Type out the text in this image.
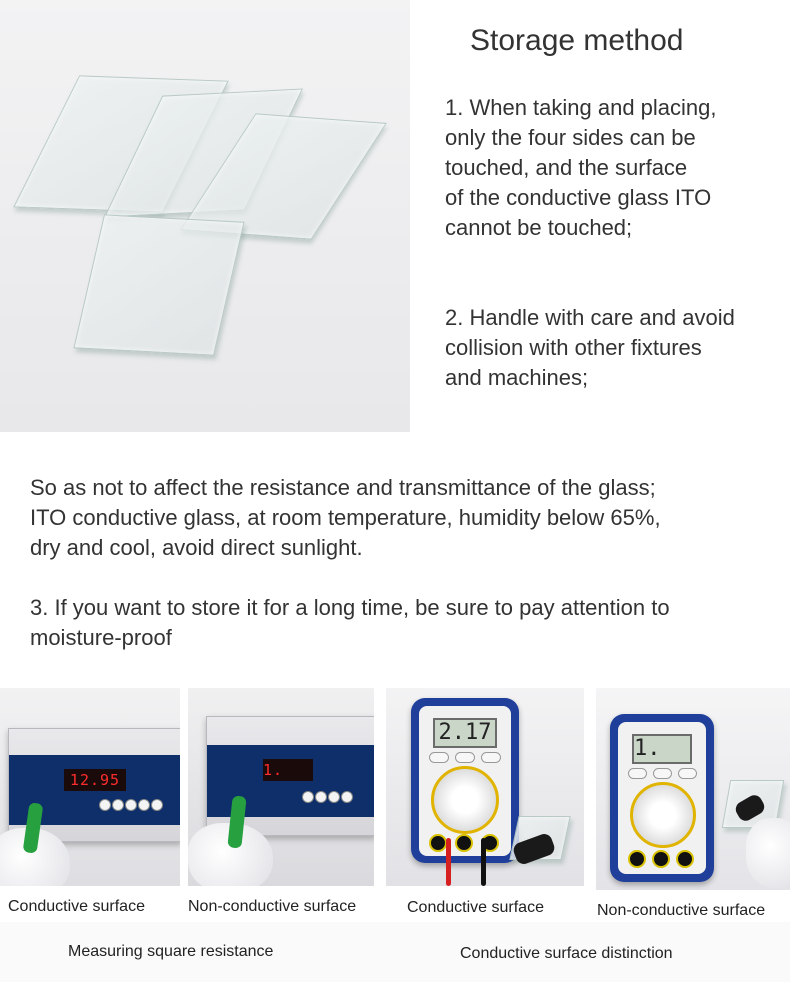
Storage method
1. When taking and placing,
only the four sides can be
touched, and the surface
of the conductive glass ITO
cannot be touched;
2. Handle with care and avoid
collision with other fixtures
and machines;
So as not to affect the resistance and transmittance of the glass;
ITO conductive glass, at room temperature, humidity below 65%,
dry and cool, avoid direct sunlight.
3. If you want to store it for a long time, be sure to pay attention to
moisture-proof
12.95
1.
2.17
1.
Conductive surface	Non-conductive surface	Conductive surface	Non-conductive surface
Measuring square resistance	Conductive surface distinction
